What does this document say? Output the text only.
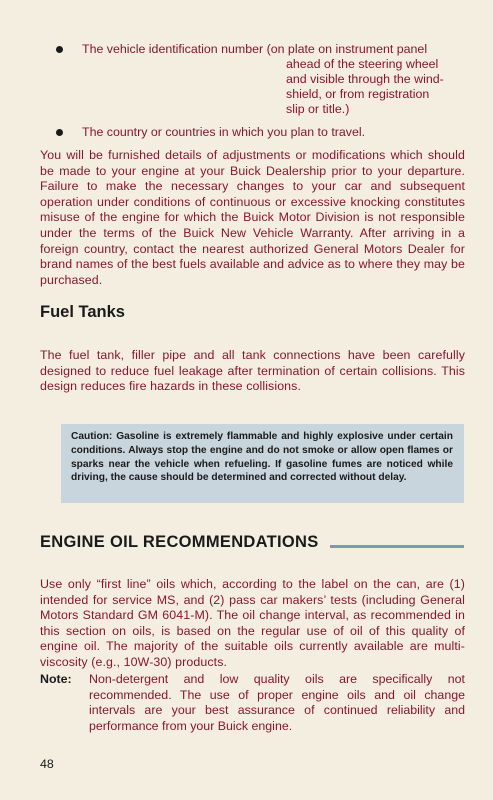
The vehicle identification number (on plate on instrument panel
ahead of the steering wheel
and visible through the wind-
shield, or from registration
slip or title.)
The country or countries in which you plan to travel.
You will be furnished details of adjustments or modifications which should be made to your engine at your Buick Dealership prior to your departure. Failure to make the necessary changes to your car and subsequent operation under conditions of continuous or excessive knocking constitutes misuse of the engine for which the Buick Motor Division is not responsible under the terms of the Buick New Vehicle Warranty. After arriving in a foreign country, contact the nearest authorized General Motors Dealer for brand names of the best fuels available and advice as to where they may be purchased.
Fuel Tanks
The fuel tank, filler pipe and all tank connections have been carefully designed to reduce fuel leakage after termination of certain collisions. This design reduces fire hazards in these collisions.
Caution: Gasoline is extremely flammable and highly explosive under certain conditions. Always stop the engine and do not smoke or allow open flames or sparks near the vehicle when refueling. If gasoline fumes are noticed while driving, the cause should be determined and corrected without delay.
ENGINE OIL RECOMMENDATIONS
Use only “first line” oils which, according to the label on the can, are (1) intended for service MS, and (2) pass car makers’ tests (including General Motors Standard GM 6041-M). The oil change interval, as recommended in this section on oils, is based on the regular use of oil of this quality of engine oil. The majority of the suitable oils currently available are multi-viscosity (e.g., 10W-30) products.
Note: Non-detergent and low quality oils are specifically not recommended. The use of proper engine oils and oil change intervals are your best assurance of continued reliability and performance from your Buick engine.
48
